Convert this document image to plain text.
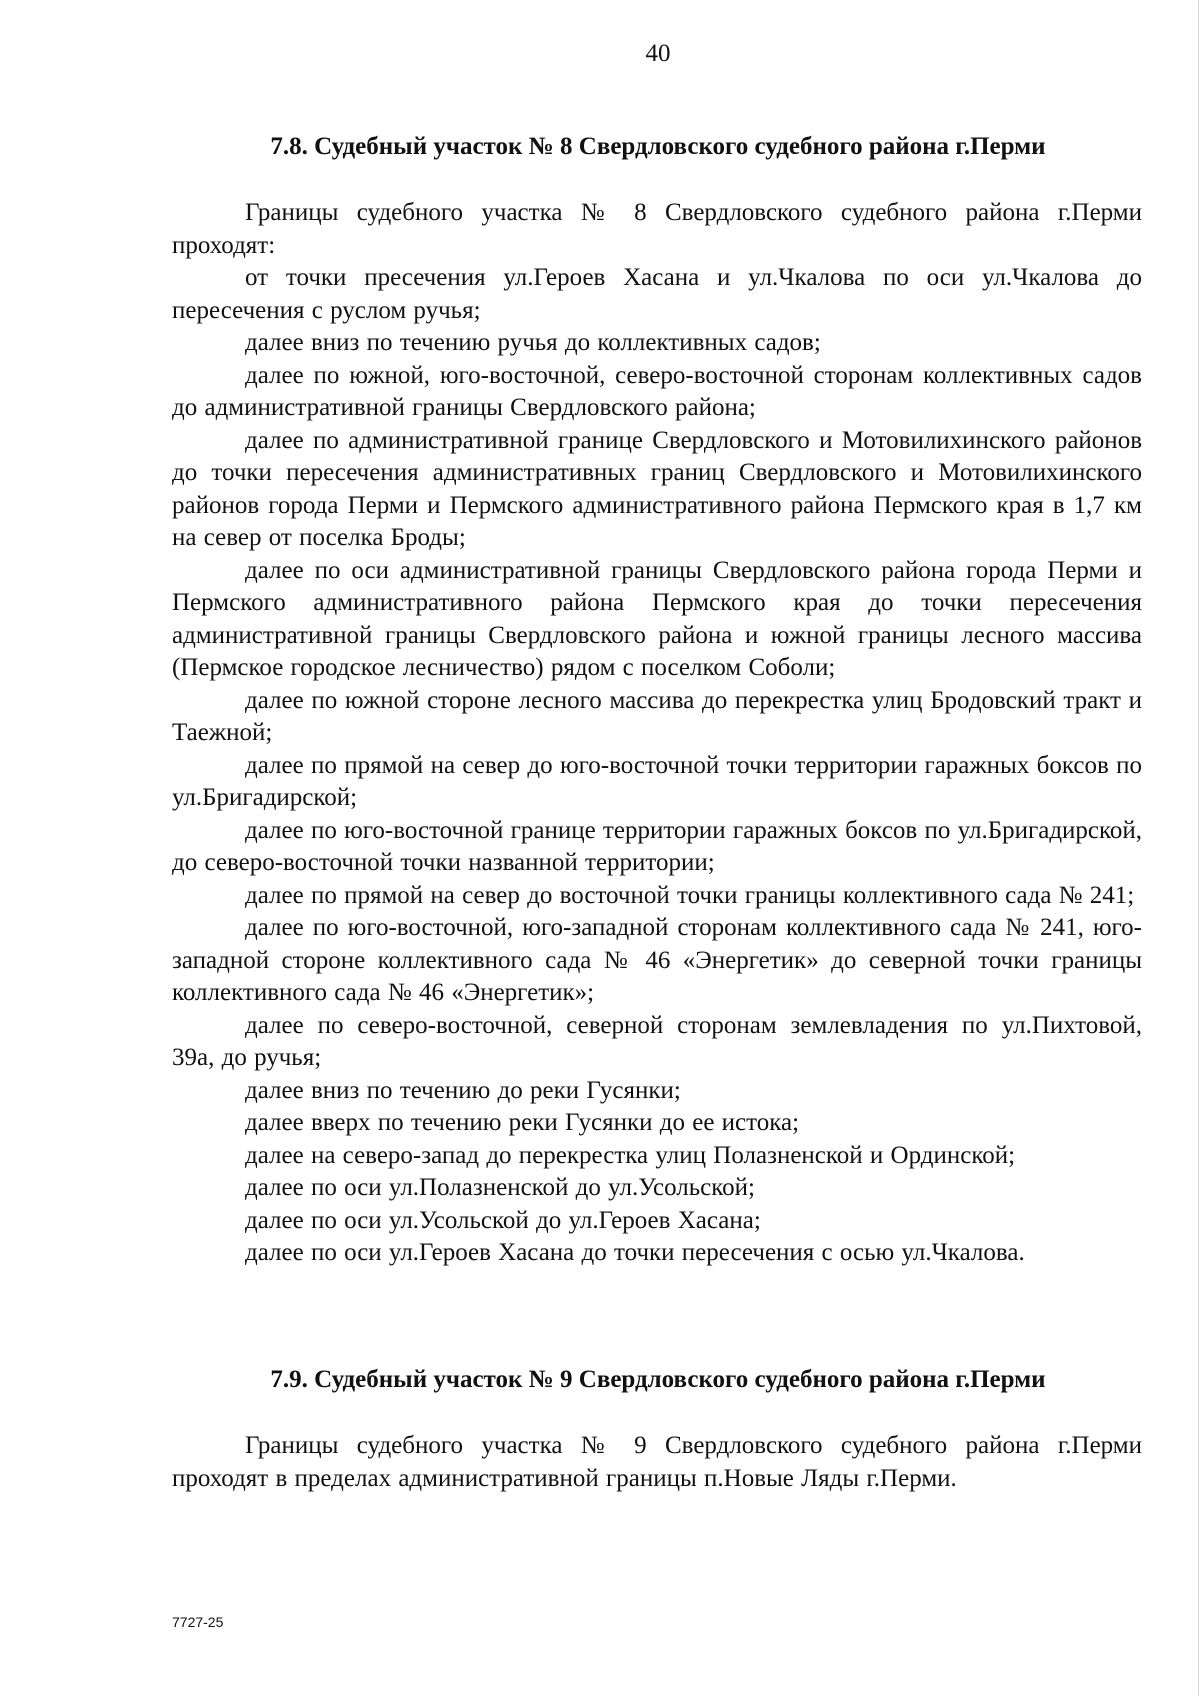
40
7.8. Судебный участок № 8 Свердловского судебного района г.Перми

Границы судебного участка № 8 Свердловского судебного района г.Перми проходят:

от точки пресечения ул.Героев Хасана и ул.Чкалова по оси ул.Чкалова до пересечения с руслом ручья;

далее вниз по течению ручья до коллективных садов;

далее по южной, юго-восточной, северо-восточной сторонам коллективных садов до административной границы Свердловского района;

далее по административной границе Свердловского и Мотовилихинского районов до точки пересечения административных границ Свердловского и Мотовилихинского районов города Перми и Пермского административного района Пермского края в 1,7 км на север от поселка Броды;

далее по оси административной границы Свердловского района города Перми и Пермского административного района Пермского края до точки пересечения административной границы Свердловского района и южной границы лесного массива (Пермское городское лесничество) рядом с поселком Соболи;

далее по южной стороне лесного массива до перекрестка улиц Бродовский тракт и Таежной;

далее по прямой на север до юго-восточной точки территории гаражных боксов по ул.Бригадирской;

далее по юго-восточной границе территории гаражных боксов по ул.Бригадирской, до северо-восточной точки названной территории;

далее по прямой на север до восточной точки границы коллективного сада № 241;

далее по юго-восточной, юго-западной сторонам коллективного сада № 241, юго-западной стороне коллективного сада № 46 «Энергетик» до северной точки границы коллективного сада № 46 «Энергетик»;

далее по северо-восточной, северной сторонам землевладения по ул.Пихтовой, 39а, до ручья;

далее вниз по течению до реки Гусянки;

далее вверх по течению реки Гусянки до ее истока;

далее на северо-запад до перекрестка улиц Полазненской и Ординской;

далее по оси ул.Полазненской до ул.Усольской;

далее по оси ул.Усольской до ул.Героев Хасана;

далее по оси ул.Героев Хасана до точки пересечения с осью ул.Чкалова.

7.9. Судебный участок № 9 Свердловского судебного района г.Перми

Границы судебного участка № 9 Свердловского судебного района г.Перми проходят в пределах административной границы п.Новые Ляды г.Перми.

7727-25
